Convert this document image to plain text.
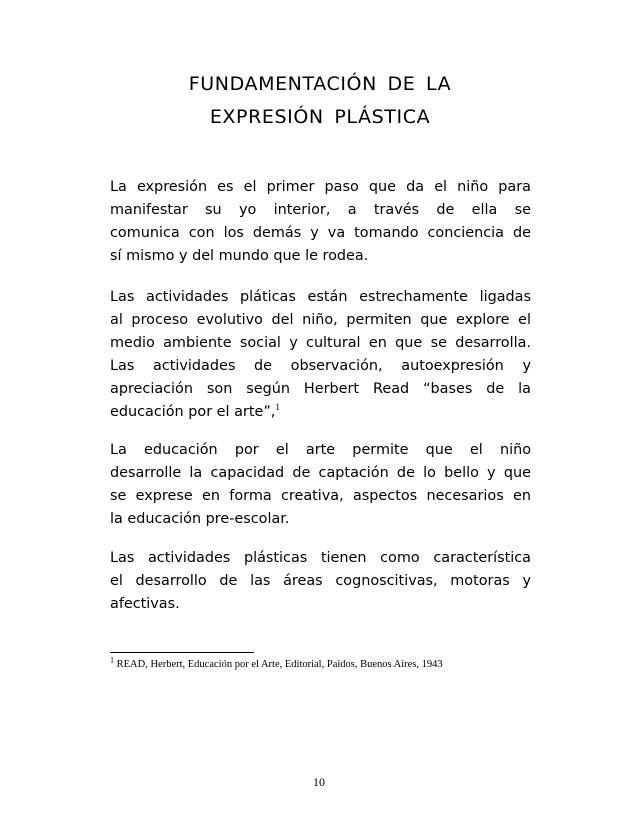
FUNDAMENTACIÓN DE LA
EXPRESIÓN PLÁSTICA
La expresión es el primer paso que da el niño para
manifestar su yo interior, a través de ella se
comunica con los demás y va tomando conciencia de
sí mismo y del mundo que le rodea.
Las actividades pláticas están estrechamente ligadas
al proceso evolutivo del niño, permiten que explore el
medio ambiente social y cultural en que se desarrolla.
Las actividades de observación, autoexpresión y
apreciación son según Herbert Read “bases de la
educación por el arte”,$^1$
La educación por el arte permite que el niño
desarrolle la capacidad de captación de lo bello y que
se exprese en forma creativa, aspectos necesarios en
la educación pre-escolar.
Las actividades plásticas tienen como característica
el desarrollo de las áreas cognoscitivas, motoras y
afectivas.
$^1$ READ, Herbert, Educación por el Arte, Editorial, Paidos, Buenos Aires, 1943
10
